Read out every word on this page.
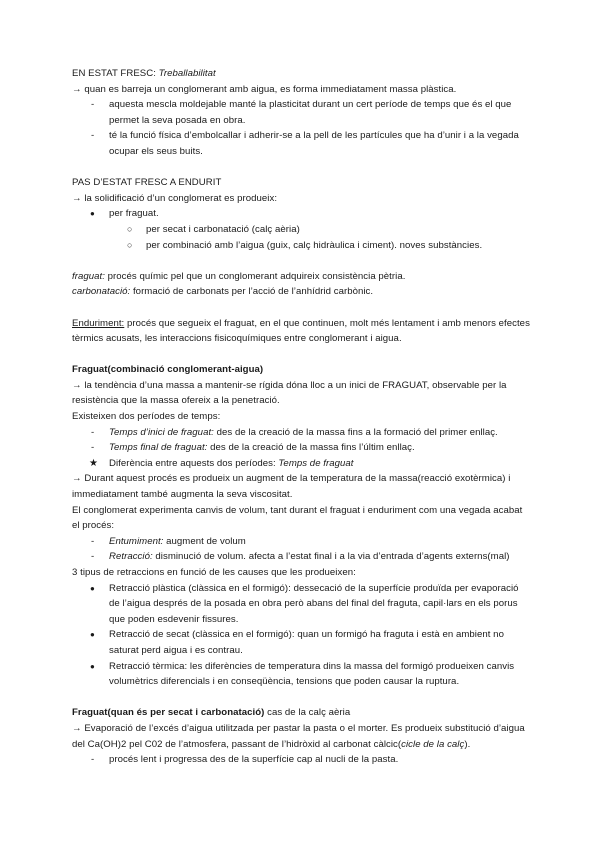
EN ESTAT FRESC: Treballabilitat

→ quan es barreja un conglomerant amb aigua, es forma immediatament massa plàstica.

- aquesta mescla moldejable manté la plasticitat durant un cert període de temps que és el que permet la seva posada en obra.
- té la funció física d’embolcallar i adherir-se a la pell de les partícules que ha d’unir i a la vegada ocupar els seus buits.

PAS D’ESTAT FRESC A ENDURIT

→ la solidificació d’un conglomerat es produeix:

● per fraguat.
○ per secat i carbonatació (calç aèria)
○ per combinació amb l’aigua (guix, calç hidràulica i ciment). noves substàncies.

fraguat: procés químic pel que un conglomerant adquireix consistència pètria.

carbonatació: formació de carbonats per l’acció de l’anhídrid carbònic.

Enduriment: procés que segueix el fraguat, en el que continuen, molt més lentament i amb menors efectes tèrmics acusats, les interaccions fisicoquímiques entre conglomerant i aigua.

Fraguat(combinació conglomerant-aigua)

→ la tendència d’una massa a mantenir-se rígida dóna lloc a un inici de FRAGUAT, observable per la resistència que la massa ofereix a la penetració.

Existeixen dos períodes de temps:

- Temps d’inici de fraguat: des de la creació de la massa fins a la formació del primer enllaç.
- Temps final de fraguat: des de la creació de la massa fins l’últim enllaç.
★ Diferència entre aquests dos períodes: Temps de fraguat

→ Durant aquest procés es produeix un augment de la temperatura de la massa(reacció exotèrmica) i immediatament també augmenta la seva viscositat.

El conglomerat experimenta canvis de volum, tant durant el fraguat i enduriment com una vegada acabat el procés:

- Entumiment: augment de volum
- Retracció: disminució de volum. afecta a l’estat final i a la via d’entrada d’agents externs(mal)

3 tipus de retraccions en funció de les causes que les produeixen:

● Retracció plàstica (clàssica en el formigó): dessecació de la superfície produïda per evaporació de l’aigua després de la posada en obra però abans del final del fraguta, capil·lars en els porus que poden esdevenir fissures.
● Retracció de secat (clàssica en el formigó): quan un formigó ha fraguta i està en ambient no saturat perd aigua i es contrau.
● Retracció tèrmica: les diferències de temperatura dins la massa del formigó produeixen canvis volumètrics diferencials i en conseqüència, tensions que poden causar la ruptura.

Fraguat(quan és per secat i carbonatació) cas de la calç aèria

→ Evaporació de l’excés d’aigua utilitzada per pastar la pasta o el morter. Es produeix substitució d’aigua del Ca(OH)2 pel C02 de l’atmosfera, passant de l’hidròxid al carbonat càlcic(cicle de la calç).

- procés lent i progressa des de la superfície cap al nucli de la pasta.
